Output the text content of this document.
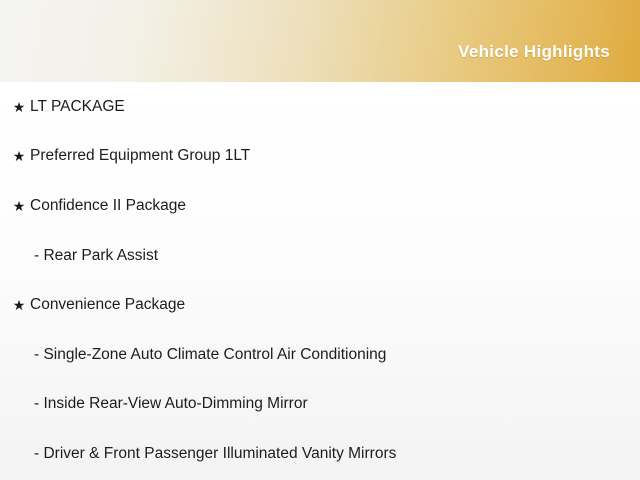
Vehicle Highlights
★ LT PACKAGE
★ Preferred Equipment Group 1LT
★ Confidence II Package
- Rear Park Assist
★ Convenience Package
- Single-Zone Auto Climate Control Air Conditioning
- Inside Rear-View Auto-Dimming Mirror
- Driver & Front Passenger Illuminated Vanity Mirrors
